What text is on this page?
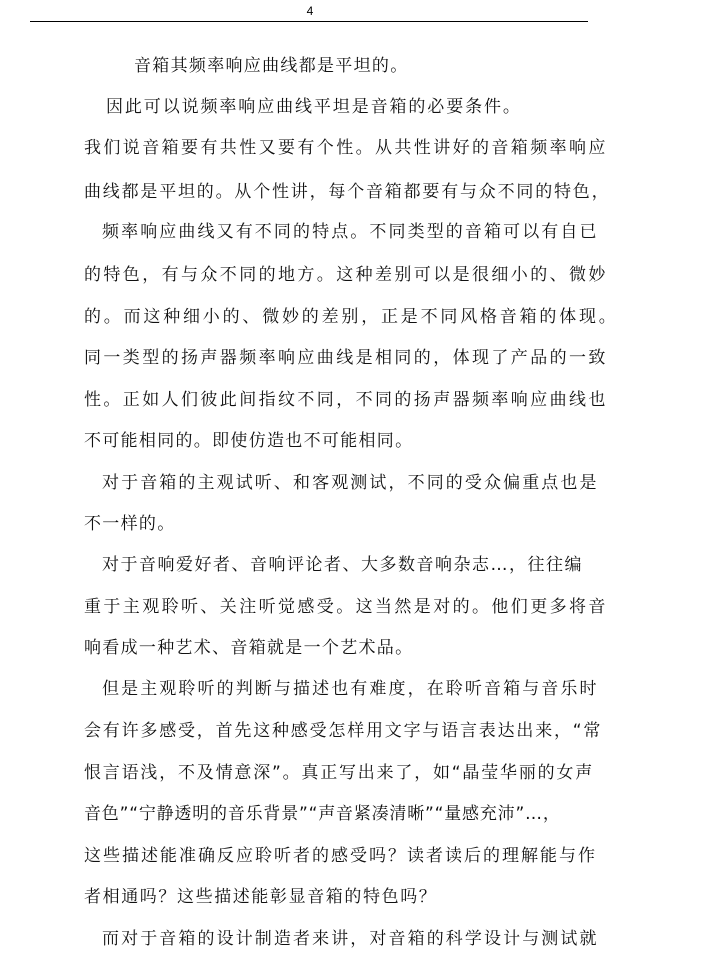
4
音箱其频率响应曲线都是平坦的。
因此可以说频率响应曲线平坦是音箱的必要条件。
我们说音箱要有共性又要有个性。从共性讲好的音箱频率响应
曲线都是平坦的。从个性讲，每个音箱都要有与众不同的特色，
频率响应曲线又有不同的特点。不同类型的音箱可以有自已
的特色，有与众不同的地方。这种差别可以是很细小的、微妙
的。而这种细小的、微妙的差别，正是不同风格音箱的体现。
同一类型的扬声器频率响应曲线是相同的，体现了产品的一致
性。正如人们彼此间指纹不同，不同的扬声器频率响应曲线也
不可能相同的。即使仿造也不可能相同。
对于音箱的主观试听、和客观测试，不同的受众偏重点也是
不一样的。
对于音响爱好者、音响评论者、大多数音响杂志…，往往编
重于主观聆听、关注听觉感受。这当然是对的。他们更多将音
响看成一种艺术、音箱就是一个艺术品。
但是主观聆听的判断与描述也有难度，在聆听音箱与音乐时
会有许多感受，首先这种感受怎样用文字与语言表达出来，“常
恨言语浅，不及情意深”。真正写出来了，如“晶莹华丽的女声
音色”“宁静透明的音乐背景”“声音紧凑清晰”“量感充沛”…，
这些描述能准确反应聆听者的感受吗？读者读后的理解能与作
者相通吗？这些描述能彰显音箱的特色吗？
而对于音箱的设计制造者来讲，对音箱的科学设计与测试就
